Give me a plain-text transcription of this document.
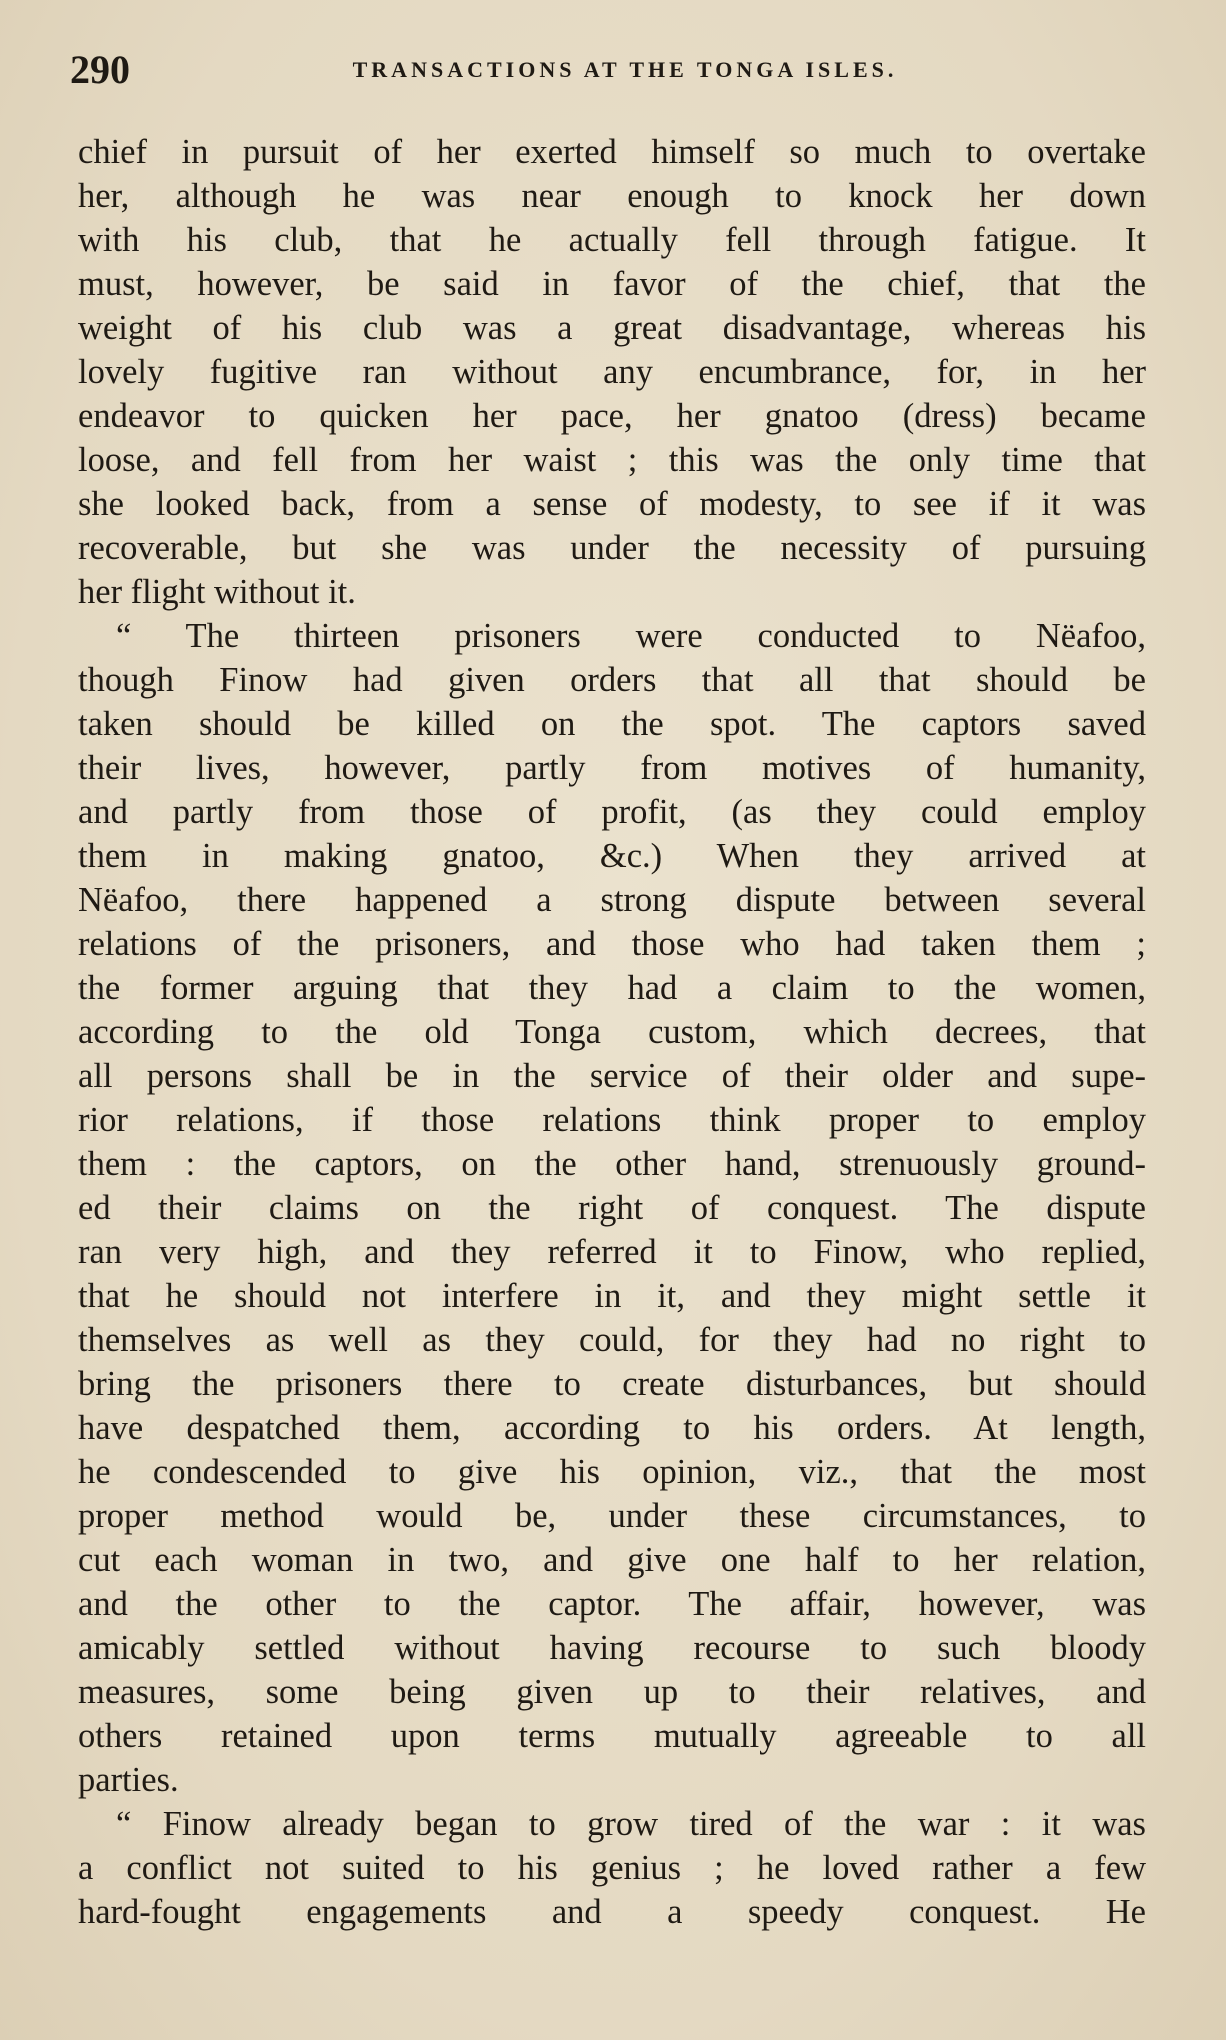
290	TRANSACTIONS AT THE TONGA ISLES.
chief in pursuit of her exerted himself so much to overtake
her, although he was near enough to knock her down
with his club, that he actually fell through fatigue. It
must, however, be said in favor of the chief, that the
weight of his club was a great disadvantage, whereas his
lovely fugitive ran without any encumbrance, for, in her
endeavor to quicken her pace, her gnatoo (dress) became
loose, and fell from her waist ; this was the only time that
she looked back, from a sense of modesty, to see if it was
recoverable, but she was under the necessity of pursuing
her flight without it.
“ The thirteen prisoners were conducted to Nëafoo,
though Finow had given orders that all that should be
taken should be killed on the spot. The captors saved
their lives, however, partly from motives of humanity,
and partly from those of profit, (as they could employ
them in making gnatoo, &c.) When they arrived at
Nëafoo, there happened a strong dispute between several
relations of the prisoners, and those who had taken them ;
the former arguing that they had a claim to the women,
according to the old Tonga custom, which decrees, that
all persons shall be in the service of their older and supe-
rior relations, if those relations think proper to employ
them : the captors, on the other hand, strenuously ground-
ed their claims on the right of conquest. The dispute
ran very high, and they referred it to Finow, who replied,
that he should not interfere in it, and they might settle it
themselves as well as they could, for they had no right to
bring the prisoners there to create disturbances, but should
have despatched them, according to his orders. At length,
he condescended to give his opinion, viz., that the most
proper method would be, under these circumstances, to
cut each woman in two, and give one half to her relation,
and the other to the captor. The affair, however, was
amicably settled without having recourse to such bloody
measures, some being given up to their relatives, and
others retained upon terms mutually agreeable to all
parties.
“ Finow already began to grow tired of the war : it was
a conflict not suited to his genius ; he loved rather a few
hard-fought engagements and a speedy conquest. He
